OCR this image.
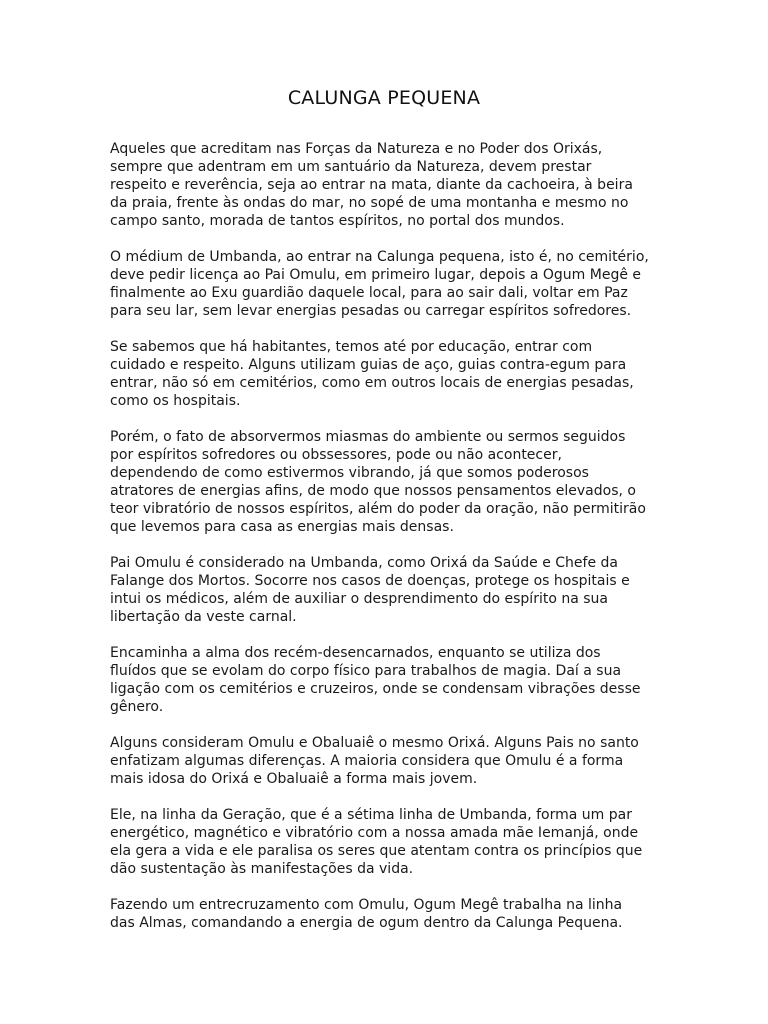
CALUNGA PEQUENA

Aqueles que acreditam nas Forças da Natureza e no Poder dos Orixás,
sempre que adentram em um santuário da Natureza, devem prestar
respeito e reverência, seja ao entrar na mata, diante da cachoeira, à beira
da praia, frente às ondas do mar, no sopé de uma montanha e mesmo no
campo santo, morada de tantos espíritos, no portal dos mundos.

O médium de Umbanda, ao entrar na Calunga pequena, isto é, no cemitério,
deve pedir licença ao Pai Omulu, em primeiro lugar, depois a Ogum Megê e
finalmente ao Exu guardião daquele local, para ao sair dali, voltar em Paz
para seu lar, sem levar energias pesadas ou carregar espíritos sofredores.

Se sabemos que há habitantes, temos até por educação, entrar com
cuidado e respeito. Alguns utilizam guias de aço, guias contra-egum para
entrar, não só em cemitérios, como em outros locais de energias pesadas,
como os hospitais.

Porém, o fato de absorvermos miasmas do ambiente ou sermos seguidos
por espíritos sofredores ou obssessores, pode ou não acontecer,
dependendo de como estivermos vibrando, já que somos poderosos
atratores de energias afins, de modo que nossos pensamentos elevados, o
teor vibratório de nossos espíritos, além do poder da oração, não permitirão
que levemos para casa as energias mais densas.

Pai Omulu é considerado na Umbanda, como Orixá da Saúde e Chefe da
Falange dos Mortos. Socorre nos casos de doenças, protege os hospitais e
intui os médicos, além de auxiliar o desprendimento do espírito na sua
libertação da veste carnal.

Encaminha a alma dos recém-desencarnados, enquanto se utiliza dos
fluídos que se evolam do corpo físico para trabalhos de magia. Daí a sua
ligação com os cemitérios e cruzeiros, onde se condensam vibrações desse
gênero.

Alguns consideram Omulu e Obaluaiê o mesmo Orixá. Alguns Pais no santo
enfatizam algumas diferenças. A maioria considera que Omulu é a forma
mais idosa do Orixá e Obaluaiê a forma mais jovem.

Ele, na linha da Geração, que é a sétima linha de Umbanda, forma um par
energético, magnético e vibratório com a nossa amada mãe Iemanjá, onde
ela gera a vida e ele paralisa os seres que atentam contra os princípios que
dão sustentação às manifestações da vida.

Fazendo um entrecruzamento com Omulu, Ogum Megê trabalha na linha
das Almas, comandando a energia de ogum dentro da Calunga Pequena.
